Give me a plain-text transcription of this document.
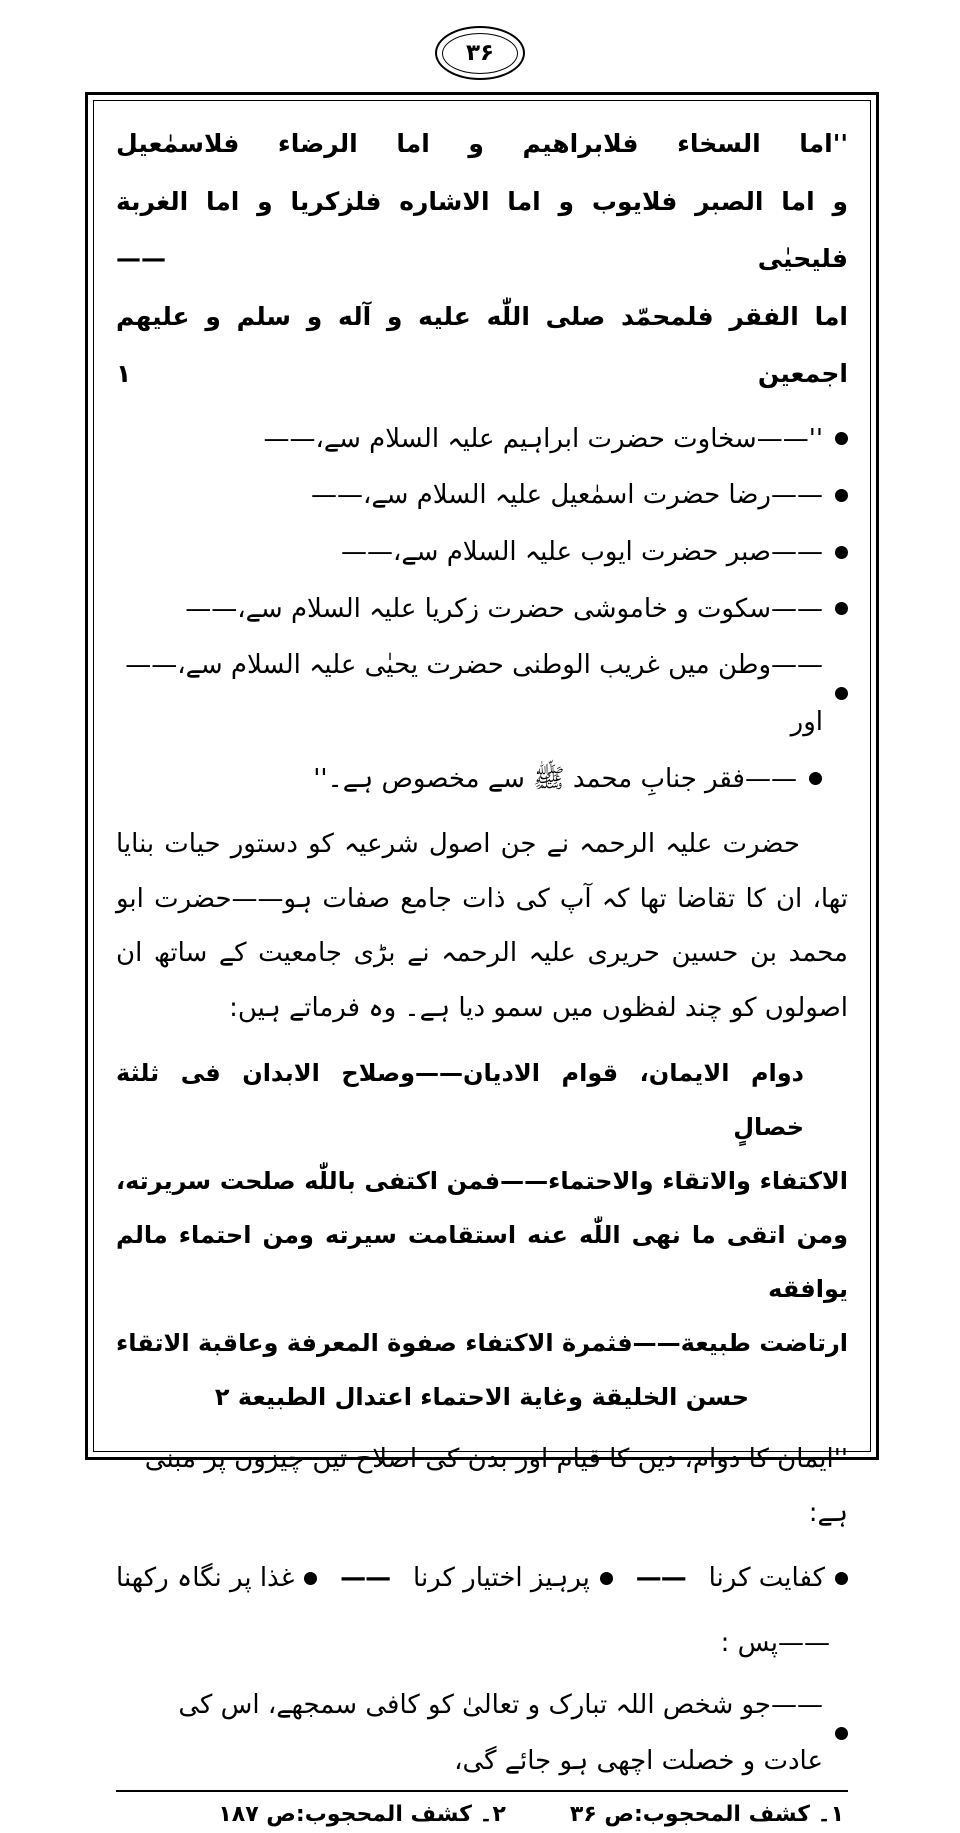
۳۶
''اما السخاء فلابراهيم و اما الرضاء فلاسمٰعيل
و اما الصبر فلايوب و اما الاشاره فلزكريا و اما الغربة فليحيٰى ——
اما الفقر فلمحمّد صلى اللّٰه عليه و آله و سلم و عليهم اجمعين ۱
''——سخاوت حضرت ابراہیم علیہ السلام سے،——
——رضا حضرت اسمٰعیل علیہ السلام سے،——
——صبر حضرت ایوب علیہ السلام سے،——
——سکوت و خاموشی حضرت زکریا علیہ السلام سے،——
——وطن میں غریب الوطنی حضرت یحیٰی علیہ السلام سے،—— اور
——فقر جنابِ محمد ﷺ سے مخصوص ہے۔''
حضرت علیہ الرحمہ نے جن اصول شرعیہ کو دستور حیات بنایا تھا، ان کا تقاضا تھا کہ آپ کی ذات جامع صفات ہو——حضرت ابو محمد بن حسین حریری علیہ الرحمہ نے بڑی جامعیت کے ساتھ ان اصولوں کو چند لفظوں میں سمو دیا ہے۔ وہ فرماتے ہیں:
دوام الایمان، قوام الادیان——وصلاح الابدان فی ثلثة خصالٍ
الاکتفاء والاتقاء والاحتماء——فمن اکتفی باللّٰه صلحت سریرته،
ومن اتقی ما نهی اللّٰه عنه استقامت سیرته ومن احتماء مالم یوافقه
ارتاضت طبیعة——فثمرة الاکتفاء صفوة المعرفة وعاقبة الاتقاء
حسن الخلیقة وغایة الاحتماء اعتدال الطبیعة ۲
''ایمان کا دوام، دین کا قیام اور بدن کی اصلاح تین چیزوں پر مبنی ہے:
کفایت کرنا
——
پرہیز اختیار کرنا
——
غذا پر نگاہ رکھنا
——پس :
——جو شخص اللہ تبارک و تعالیٰ کو کافی سمجھے، اس کی عادت و خصلت اچھی ہو جائے گی،
۱۔ کشف المحجوب:ص ۳۶
۲۔ کشف المحجوب:ص ۱۸۷
